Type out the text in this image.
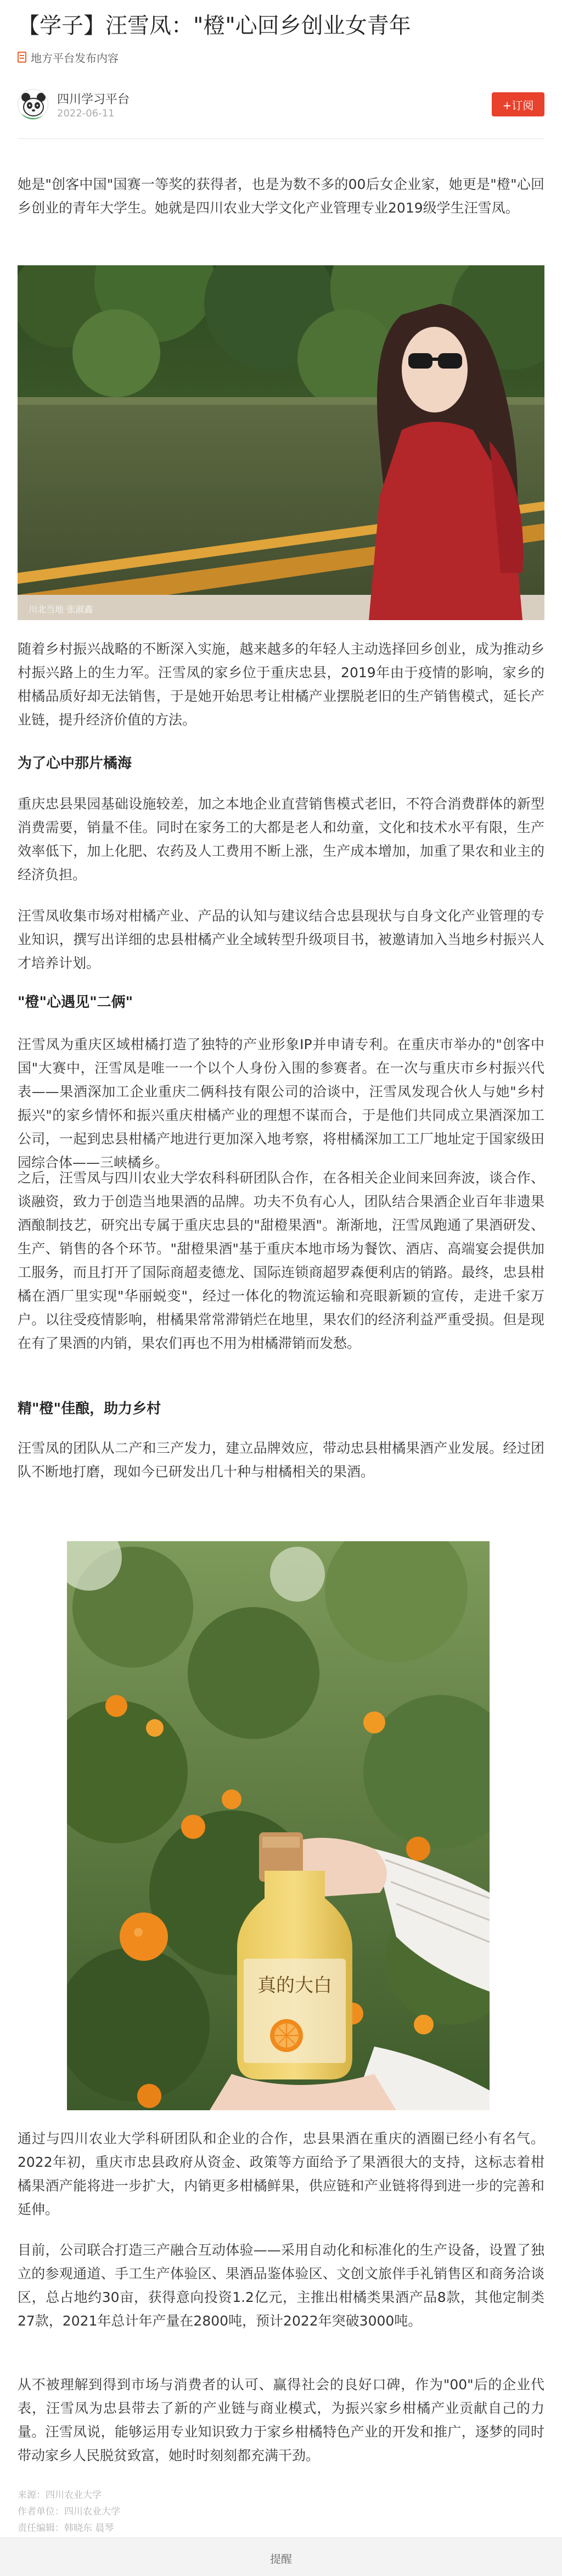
【学子】汪雪凤："橙"心回乡创业女青年
地方平台发布内容
四川学习平台
2022-06-11
+订阅

她是"创客中国"国赛一等奖的获得者，也是为数不多的00后女企业家，她更是"橙"心回乡创业的青年大学生。她就是四川农业大学文化产业管理专业2019级学生汪雪凤。

川北当地 张淑鑫

随着乡村振兴战略的不断深入实施，越来越多的年轻人主动选择回乡创业，成为推动乡村振兴路上的生力军。汪雪凤的家乡位于重庆忠县，2019年由于疫情的影响，家乡的柑橘品质好却无法销售，于是她开始思考让柑橘产业摆脱老旧的生产销售模式，延长产业链，提升经济价值的方法。

为了心中那片橘海

重庆忠县果园基础设施较差，加之本地企业直营销售模式老旧，不符合消费群体的新型消费需要，销量不佳。同时在家务工的大都是老人和幼童，文化和技术水平有限，生产效率低下，加上化肥、农药及人工费用不断上涨，生产成本增加，加重了果农和业主的经济负担。

汪雪凤收集市场对柑橘产业、产品的认知与建议结合忠县现状与自身文化产业管理的专业知识，撰写出详细的忠县柑橘产业全域转型升级项目书，被邀请加入当地乡村振兴人才培养计划。

"橙"心遇见"二俩"

汪雪凤为重庆区域柑橘打造了独特的产业形象IP并申请专利。在重庆市举办的"创客中国"大赛中，汪雪凤是唯一一个以个人身份入围的参赛者。在一次与重庆市乡村振兴代表——果酒深加工企业重庆二俩科技有限公司的洽谈中，汪雪凤发现合伙人与她"乡村振兴"的家乡情怀和振兴重庆柑橘产业的理想不谋而合，于是他们共同成立果酒深加工公司，一起到忠县柑橘产地进行更加深入地考察，将柑橘深加工工厂地址定于国家级田园综合体——三峡橘乡。

之后，汪雪凤与四川农业大学农科科研团队合作，在各相关企业间来回奔波，谈合作、谈融资，致力于创造当地果酒的品牌。功夫不负有心人，团队结合果酒企业百年非遗果酒酿制技艺，研究出专属于重庆忠县的"甜橙果酒"。渐渐地，汪雪凤跑通了果酒研发、生产、销售的各个环节。"甜橙果酒"基于重庆本地市场为餐饮、酒店、高端宴会提供加工服务，而且打开了国际商超麦德龙、国际连锁商超罗森便利店的销路。最终，忠县柑橘在酒厂里实现"华丽蜕变"，经过一体化的物流运输和亮眼新颖的宣传，走进千家万户。以往受疫情影响，柑橘果常常滞销烂在地里，果农们的经济利益严重受损。但是现在有了果酒的内销，果农们再也不用为柑橘滞销而发愁。

精"橙"佳酿，助力乡村

汪雪凤的团队从二产和三产发力，建立品牌效应，带动忠县柑橘果酒产业发展。经过团队不断地打磨，现如今已研发出几十种与柑橘相关的果酒。

真的大白

通过与四川农业大学科研团队和企业的合作，忠县果酒在重庆的酒圈已经小有名气。2022年初，重庆市忠县政府从资金、政策等方面给予了果酒很大的支持，这标志着柑橘果酒产能将进一步扩大，内销更多柑橘鲜果，供应链和产业链将得到进一步的完善和延伸。

目前，公司联合打造三产融合互动体验——采用自动化和标准化的生产设备，设置了独立的参观通道、手工生产体验区、果酒品鉴体验区、文创文旅伴手礼销售区和商务洽谈区，总占地约30亩，获得意向投资1.2亿元，主推出柑橘类果酒产品8款，其他定制类27款，2021年总计年产量在2800吨，预计2022年突破3000吨。

从不被理解到得到市场与消费者的认可、赢得社会的良好口碑，作为"00"后的企业代表，汪雪凤为忠县带去了新的产业链与商业模式，为振兴家乡柑橘产业贡献自己的力量。汪雪凤说，能够运用专业知识致力于家乡柑橘特色产业的开发和推广，逐梦的同时带动家乡人民脱贫致富，她时时刻刻都充满干劲。

来源：四川农业大学
作者单位：四川农业大学
责任编辑：韩晓东 晨琴
提醒
